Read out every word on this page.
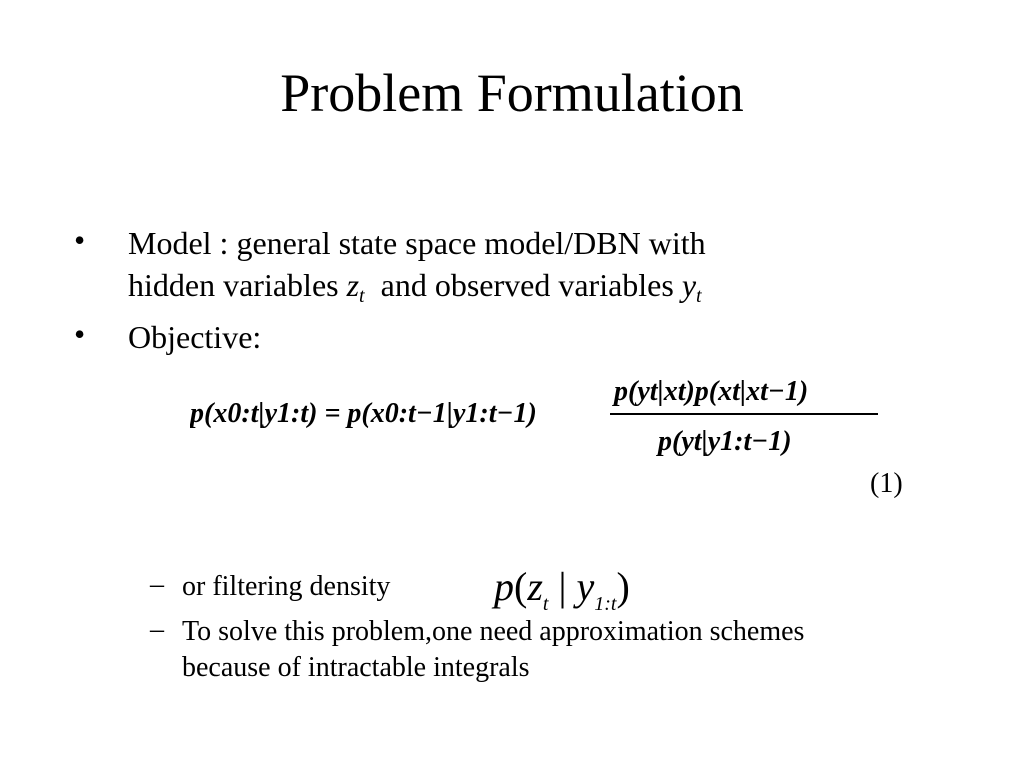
Problem Formulation
• Model : general state space model/DBN with
hidden variables $z_t$  and observed variables $y_t$
• Objective:
p(x0:t|y1:t) = p(x0:t−1|y1:t−1)
p(yt|xt)p(xt|xt−1)
p(yt|y1:t−1)
(1)
– or filtering density	$p(z_t$ | $y_{1:t}$)
– To solve this problem,one need approximation schemes
because of intractable integrals
